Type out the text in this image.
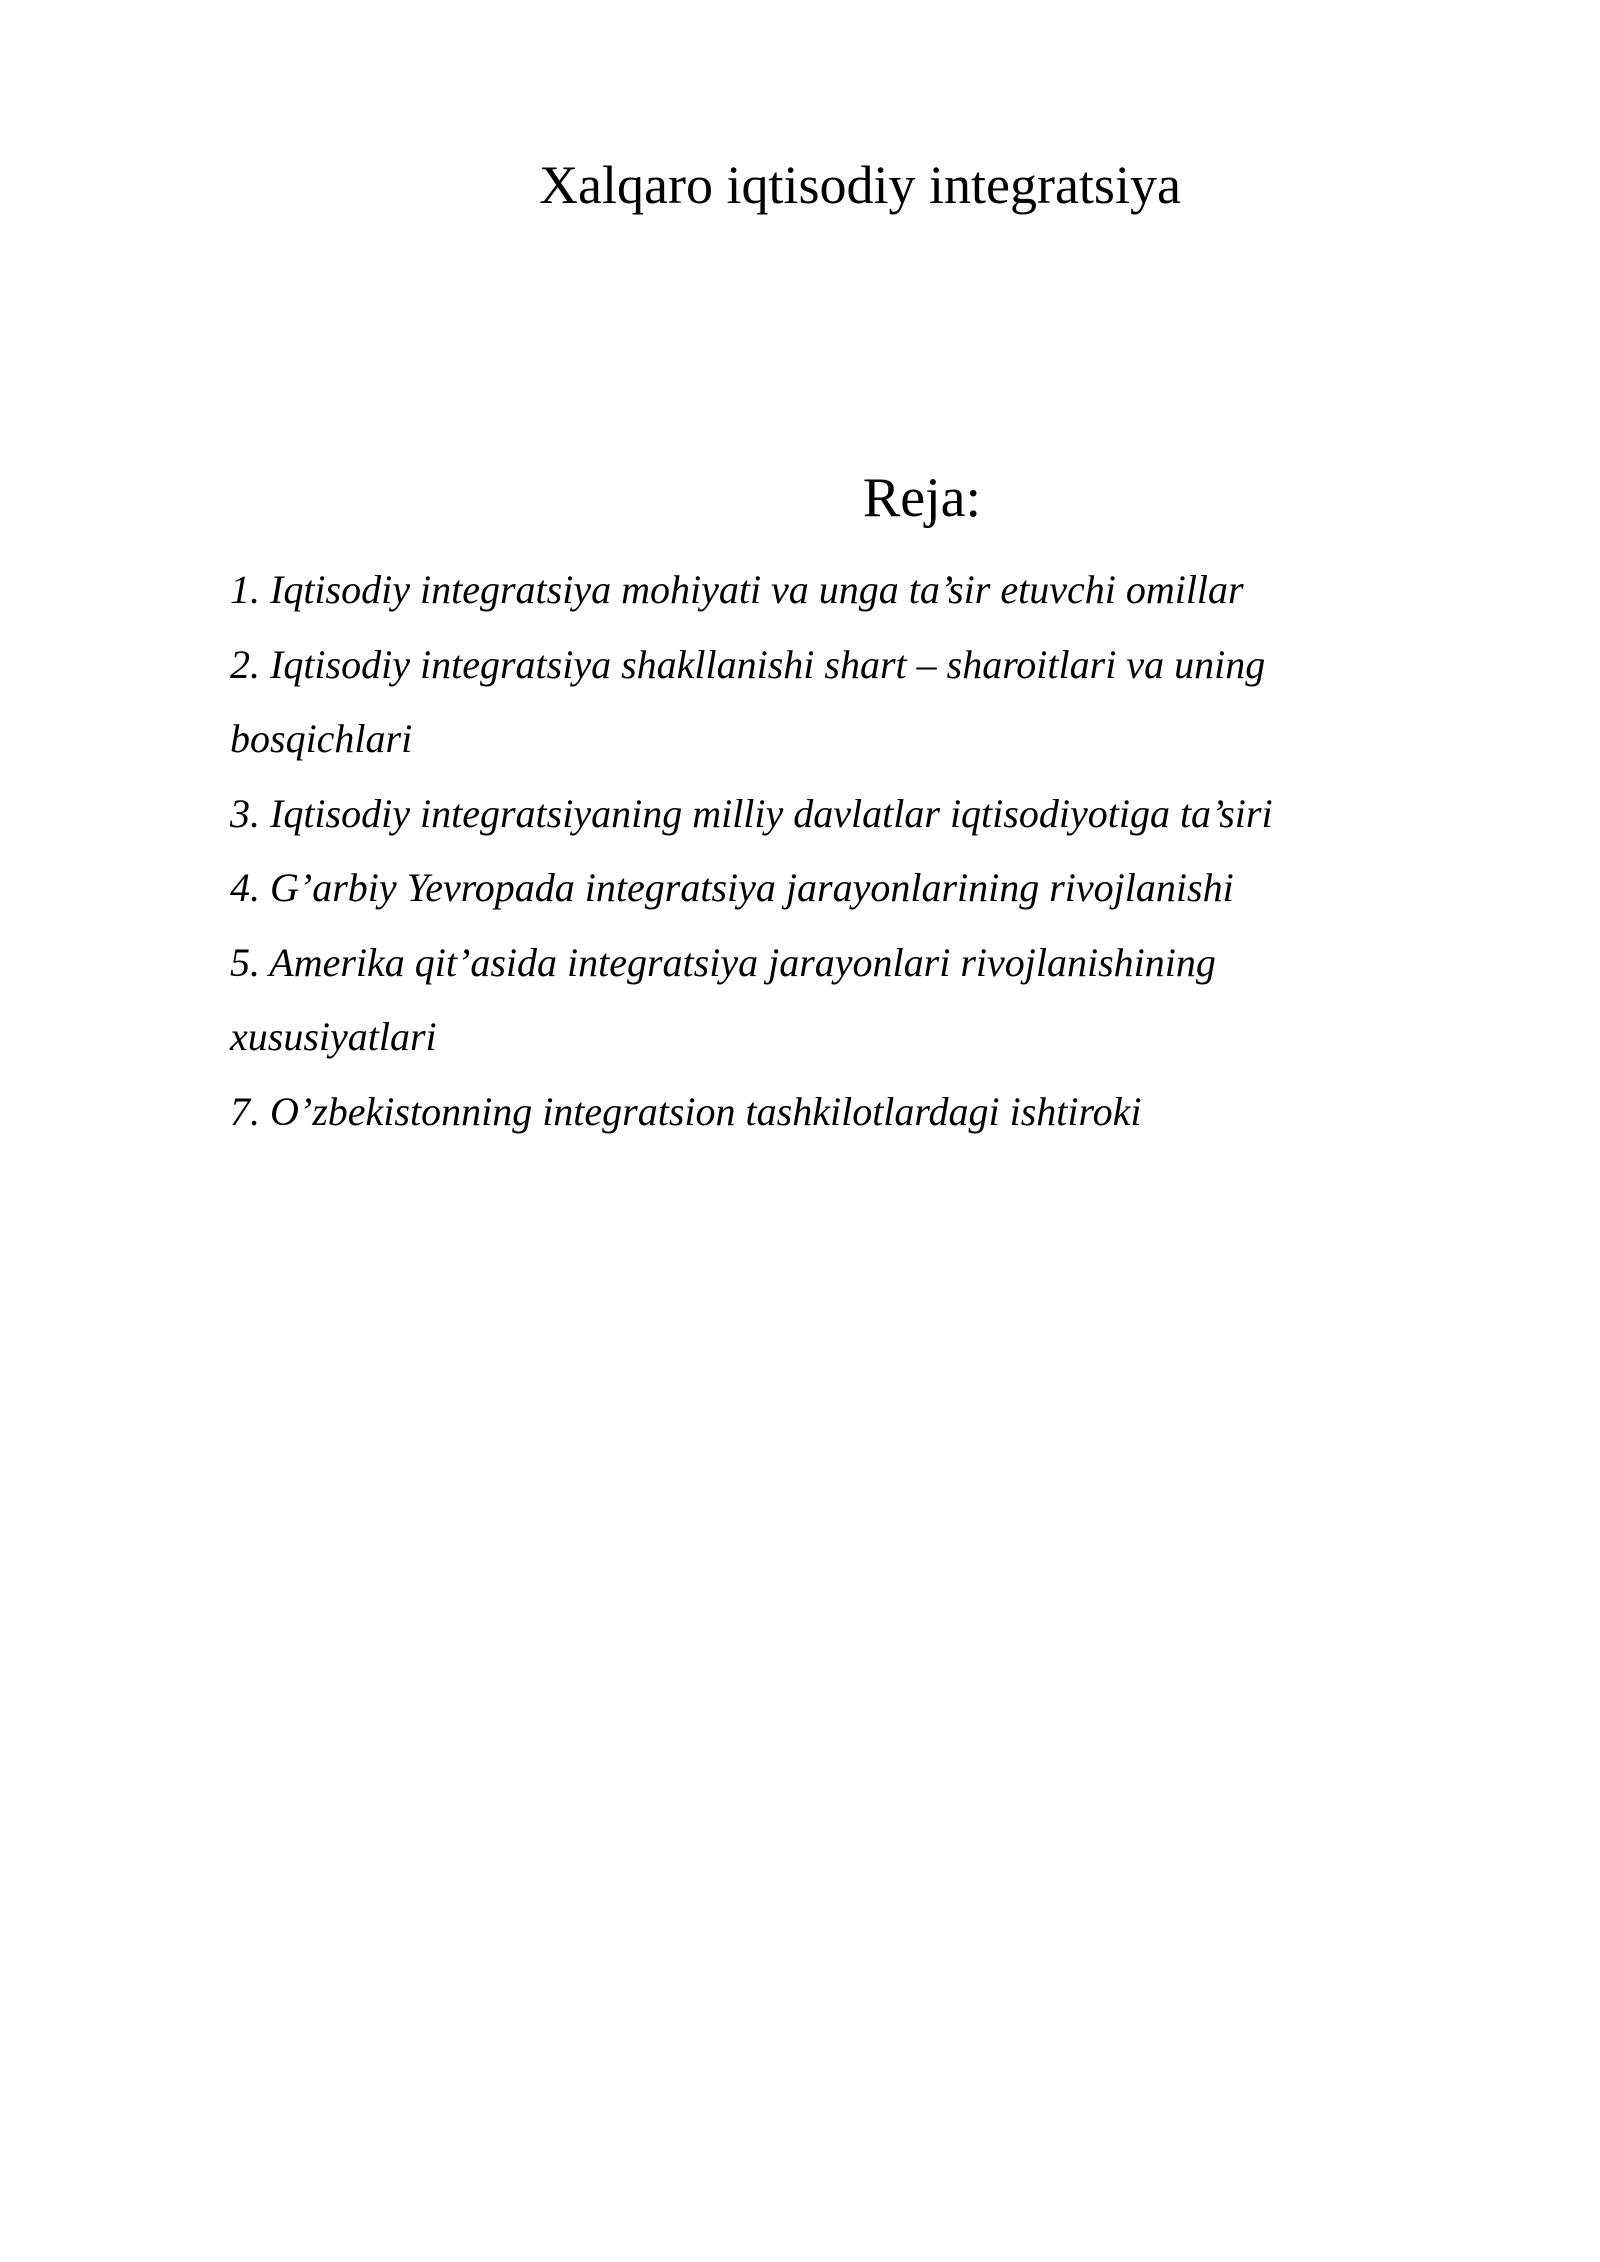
Xalqaro iqtisodiy integratsiya
Reja:
1. Iqtisodiy integratsiya mohiyati va unga ta’sir etuvchi omillar
2. Iqtisodiy integratsiya shakllanishi shart – sharoitlari va uning bosqichlari
3. Iqtisodiy integratsiyaning milliy davlatlar iqtisodiyotiga ta’siri
4. G’arbiy Yevropada integratsiya jarayonlarining rivojlanishi
5. Amerika qit’asida integratsiya jarayonlari rivojlanishining xususiyatlari
7. O’zbekistonning integratsion tashkilotlardagi ishtiroki
